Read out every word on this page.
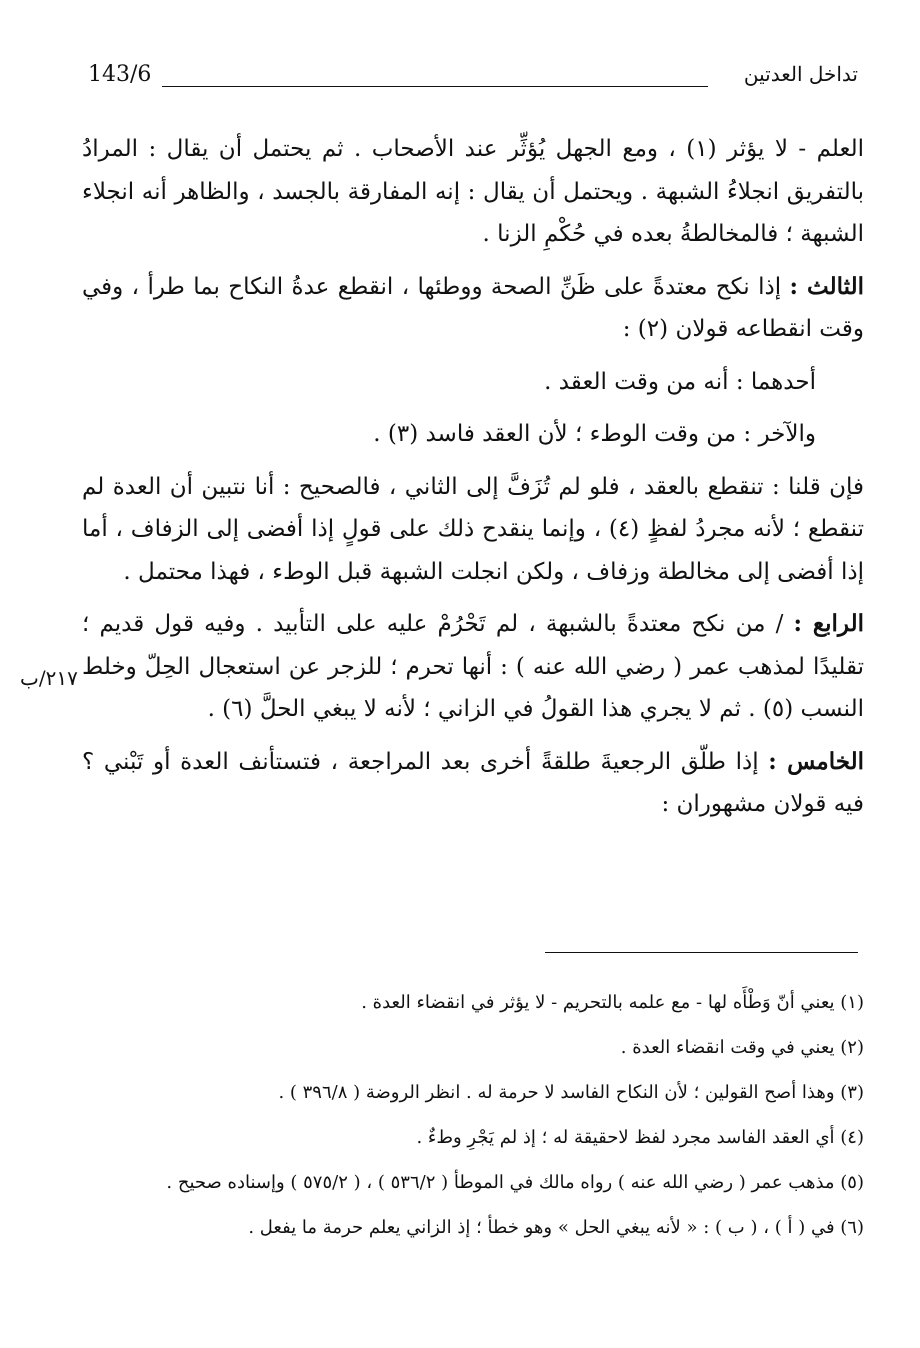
143/6	تداخل العدتين

العلم - لا يؤثر (١) ، ومع الجهل يُؤثِّر عند الأصحاب . ثم يحتمل أن يقال : المرادُ بالتفريق انجلاءُ الشبهة . ويحتمل أن يقال : إنه المفارقة بالجسد ، والظاهر أنه انجلاء الشبهة ؛ فالمخالطةُ بعده في حُكْمِ الزنا .

الثالث : إذا نكح معتدةً على ظَنِّ الصحة ووطئها ، انقطع عدةُ النكاح بما طرأ ، وفي وقت انقطاعه قولان (٢) :

أحدهما : أنه من وقت العقد .

والآخر : من وقت الوطء ؛ لأن العقد فاسد (٣) .

فإن قلنا : تنقطع بالعقد ، فلو لم تُزَفَّ إلى الثاني ، فالصحيح : أنا نتبين أن العدة لم تنقطع ؛ لأنه مجردُ لفظٍ (٤) ، وإنما ينقدح ذلك على قولٍ إذا أفضى إلى الزفاف ، أما إذا أفضى إلى مخالطة وزفاف ، ولكن انجلت الشبهة قبل الوطء ، فهذا محتمل .

الرابع : / من نكح معتدةً بالشبهة ، لم تَحْرُمْ عليه على التأبيد . وفيه قول قديم ؛ تقليدًا لمذهب عمر ( رضي الله عنه ) : أنها تحرم ؛ للزجر عن استعجال الحِلّ وخلط النسب (٥) . ثم لا يجري هذا القولُ في الزاني ؛ لأنه لا يبغي الحلَّ (٦) .

الخامس : إذا طلّق الرجعيةَ طلقةً أخرى بعد المراجعة ، فتستأنف العدة أو تَبْني ؟ فيه قولان مشهوران :

٢١٧/ب

(١) يعني أنّ وَطْأَه لها - مع علمه بالتحريم - لا يؤثر في انقضاء العدة .

(٢) يعني في وقت انقضاء العدة .

(٣) وهذا أصح القولين ؛ لأن النكاح الفاسد لا حرمة له . انظر الروضة ( ٣٩٦/٨ ) .

(٤) أي العقد الفاسد مجرد لفظ لاحقيقة له ؛ إذ لم يَجْرِ وطءٌ .

(٥) مذهب عمر ( رضي الله عنه ) رواه مالك في الموطأ ( ٥٣٦/٢ ) ، ( ٥٧٥/٢ ) وإسناده صحيح .

(٦) في ( أ ) ، ( ب ) : « لأنه يبغي الحل » وهو خطأ ؛ إذ الزاني يعلم حرمة ما يفعل .
